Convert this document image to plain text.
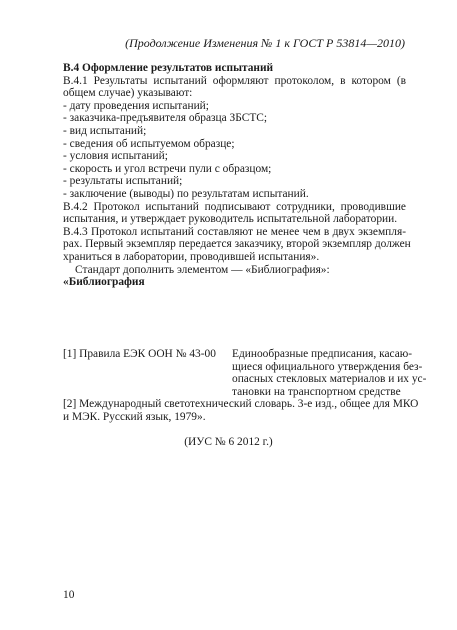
(Продолжение Изменения № 1 к ГОСТ Р 53814—2010)
В.4 Оформление результатов испытаний
В.4.1 Результаты испытаний оформляют протоколом, в котором (в
общем случае) указывают:
- дату проведения испытаний;
- заказчика-предъявителя образца ЗБСТС;
- вид испытаний;
- сведения об испытуемом образце;
- условия испытаний;
- скорость и угол встречи пули с образцом;
- результаты испытаний;
- заключение (выводы) по результатам испытаний.
В.4.2 Протокол испытаний подписывают сотрудники, проводившие
испытания, и утверждает руководитель испытательной лаборатории.
В.4.3 Протокол испытаний составляют не менее чем в двух экземпля-
рах. Первый экземпляр передается заказчику, второй экземпляр должен
храниться в лаборатории, проводившей испытания».
Стандарт дополнить элементом — «Библиография»:
«Библиография
[1] Правила ЕЭК ООН № 43-00 Единообразные предписания, касаю-
щиеся официального утверждения без-
опасных стекловых материалов и их ус-
тановки на транспортном средстве
[2] Международный светотехнический словарь. 3-е изд., общее для МКО
и МЭК. Русский язык, 1979».
(ИУС № 6 2012 г.)
10
